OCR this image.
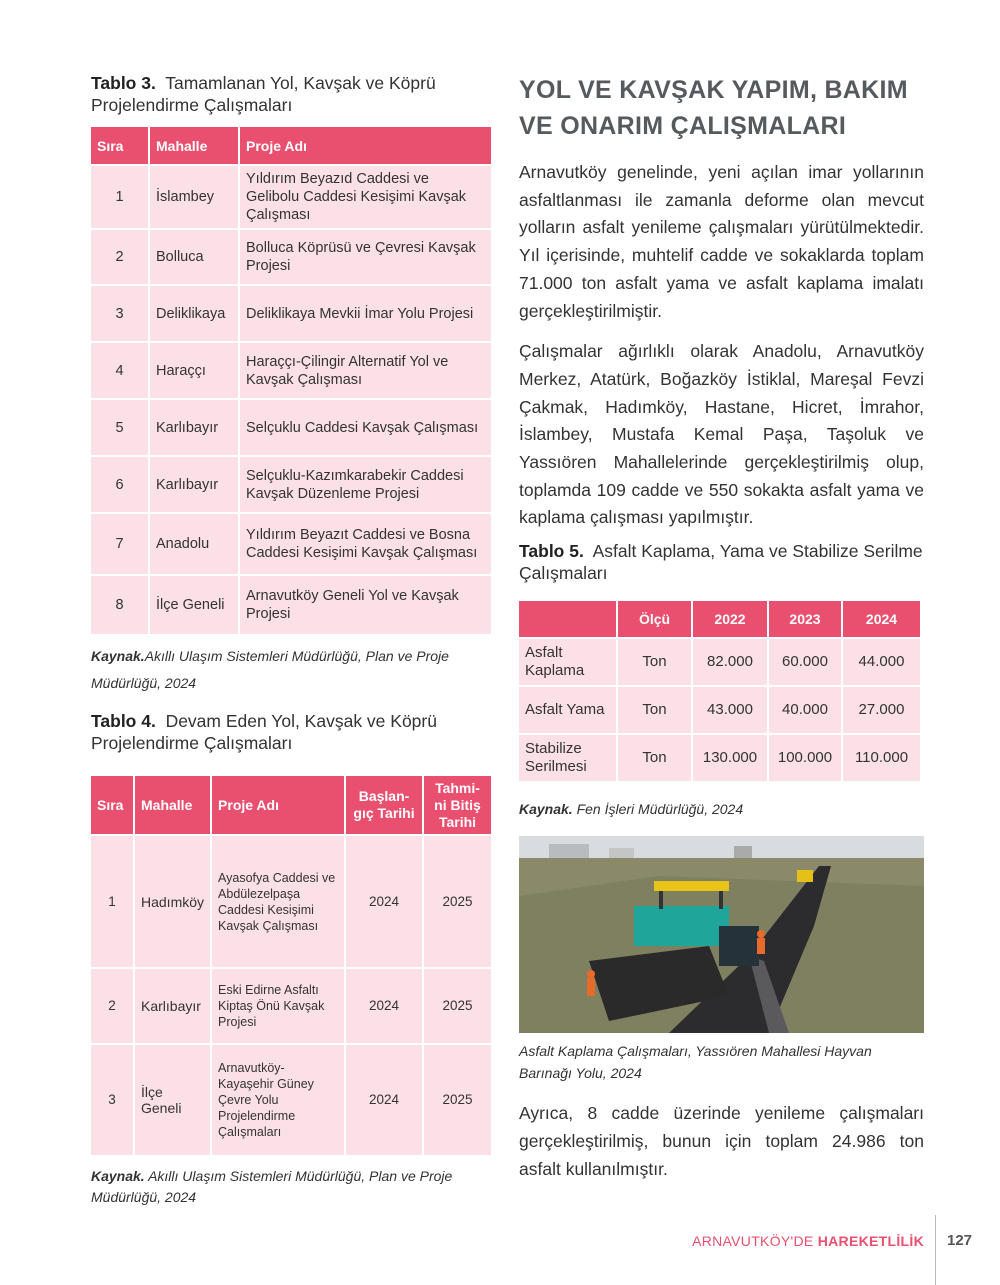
Tablo 3. Tamamlanan Yol, Kavşak ve Köprü Projelendirme Çalışmaları

Sıra	Mahalle	Proje Adı
1	İslambey	Yıldırım Beyazıd Caddesi ve Gelibolu Caddesi Kesişimi Kavşak Çalışması
2	Bolluca	Bolluca Köprüsü ve Çevresi Kavşak Projesi
3	Deliklikaya	Deliklikaya Mevkii İmar Yolu Projesi
4	Haraççı	Haraççı-Çilingir Alternatif Yol ve Kavşak Çalışması
5	Karlıbayır	Selçuklu Caddesi Kavşak Çalışması
6	Karlıbayır	Selçuklu-Kazımkarabekir Caddesi Kavşak Düzenleme Projesi
7	Anadolu	Yıldırım Beyazıt Caddesi ve Bosna Caddesi Kesişimi Kavşak Çalışması
8	İlçe Geneli	Arnavutköy Geneli Yol ve Kavşak Projesi

Kaynak.Akıllı Ulaşım Sistemleri Müdürlüğü, Plan ve Proje Müdürlüğü, 2024

Tablo 4. Devam Eden Yol, Kavşak ve Köprü Projelendirme Çalışmaları

Sıra	Mahalle	Proje Adı	Başlan-gıç Tarihi	Tahmi-ni Bitiş Tarihi
1	Hadımköy	Ayasofya Caddesi ve Abdülezelpaşa Caddesi Kesişimi Kavşak Çalışması	2024	2025
2	Karlıbayır	Eski Edirne Asfaltı Kiptaş Önü Kavşak Projesi	2024	2025
3	İlçe Geneli	Arnavutköy-Kayaşehir Güney Çevre Yolu Projelendirme Çalışmaları	2024	2025

Kaynak. Akıllı Ulaşım Sistemleri Müdürlüğü, Plan ve Proje Müdürlüğü, 2024

YOL VE KAVŞAK YAPIM, BAKIM VE ONARIM ÇALIŞMALARI

Arnavutköy genelinde, yeni açılan imar yollarının asfaltlanması ile zamanla deforme olan mevcut yolların asfalt yenileme çalışmaları yürütülmektedir. Yıl içerisinde, muhtelif cadde ve sokaklarda toplam 71.000 ton asfalt yama ve asfalt kaplama imalatı gerçekleştirilmiştir.

Çalışmalar ağırlıklı olarak Anadolu, Arnavutköy Merkez, Atatürk, Boğazköy İstiklal, Mareşal Fevzi Çakmak, Hadımköy, Hastane, Hicret, İmrahor, İslambey, Mustafa Kemal Paşa, Taşoluk ve Yassıören Mahallelerinde gerçekleştirilmiş olup, toplamda 109 cadde ve 550 sokakta asfalt yama ve kaplama çalışması yapılmıştır.

Tablo 5. Asfalt Kaplama, Yama ve Stabilize Serilme Çalışmaları

	Ölçü	2022	2023	2024
Asfalt Kaplama	Ton	82.000	60.000	44.000
Asfalt Yama	Ton	43.000	40.000	27.000
Stabilize Serilmesi	Ton	130.000	100.000	110.000

Kaynak. Fen İşleri Müdürlüğü, 2024

Asfalt Kaplama Çalışmaları, Yassıören Mahallesi Hayvan Barınağı Yolu, 2024

Ayrıca, 8 cadde üzerinde yenileme çalışmaları gerçekleştirilmiş, bunun için toplam 24.986 ton asfalt kullanılmıştır.

ARNAVUTKÖY'DE HAREKETLİLİK 127
